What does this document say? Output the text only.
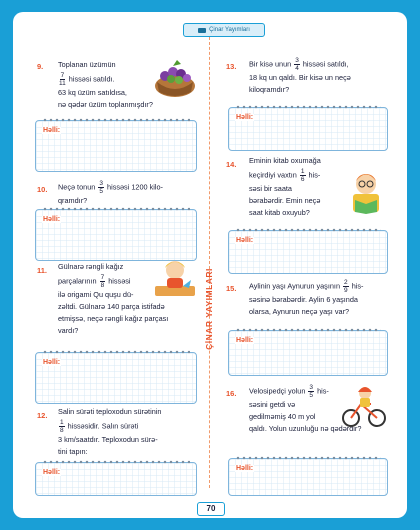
Çinar Yayımları
ÇİNAR YAYIMLARI
9. Toplanan üzümün
$\frac{7}{11}$ hissəsi satıldı.
63 kq üzüm satıldısa,
nə qədər üzüm toplanmışdır?
Həlli:
10. Neçə tonun $\frac{3}{5}$ hissəsi 1200 kilo-
qramdır?
Həlli:
11. Gülnarə rəngli kağız
parçalarının $\frac{7}{8}$ hissəsi
ilə origami Qu quşu dü-
zəltdi. Gülnarə 140 parça istifadə
etmişsə, neçə rəngli kağız parçası
vardı?
Həlli:
12. Salin sürəti teploxodun sürətinin
$\frac{1}{8}$ hissəsidir. Salın sürəti
3 km/saatdır. Teploxodun sürə-
tini tapın:
Həlli:
13. Bir kisə unun $\frac{3}{4}$ hissəsi satıldı,
18 kq un qaldı. Bir kisə un neçə
kiloqramdır?
Həlli:
14. Eminin kitab oxumağa
keçirdiyi vaxtın $\frac{1}{6} his-$
səsi bir saata
bərabərdir. Emin neçə
saat kitab oxuyub?
Həlli:
15. Aylinin yaşı Aynurun yaşının $\frac{2}{9} his-$
səsinə bərabərdir. Aylin 6 yaşında
olarsa, Aynurun neçə yaşı var?
Həlli:
16. Velosipedçi yolun $\frac{3}{5} his-$
səsini getdi və
gedilməmiş 40 m yol
qaldı. Yolun uzunluğu nə qədərdir?
Həlli:
70
